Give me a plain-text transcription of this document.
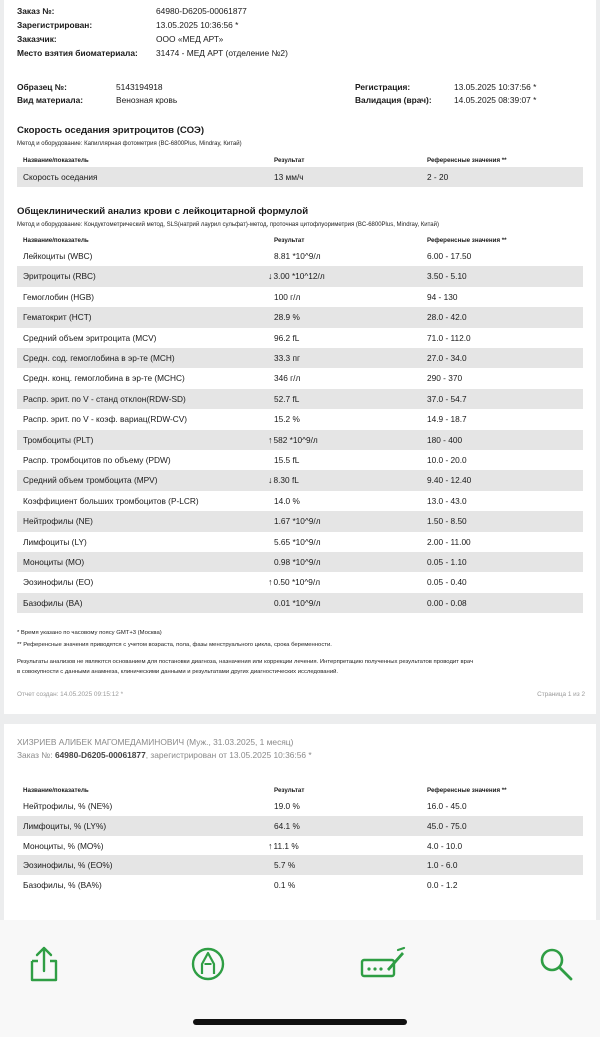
Заказ №:	64980-D6205-00061877
Зарегистрирован:	13.05.2025 10:36:56 *
Заказчик:	ООО «МЕД АРТ»
Место взятия биоматериала: 31474 - МЕД АРТ (отделение №2)
Образец №:	5143194918
Вид материала:	Венозная кровь
Регистрация:	13.05.2025 10:37:56 *
Валидация (врач):	14.05.2025 08:39:07 *
Скорость оседания эритроцитов (СОЭ)
Метод и оборудование: Капиллярная фотометрия (BC-6800Plus, Mindray, Китай)
Название/показатель	Результат	Референсные значения **
Скорость оседания	13 мм/ч	2 - 20
Общеклинический анализ крови с лейкоцитарной формулой
Метод и оборудование: Кондуктометрический метод, SLS(натрий лаурил сульфат)-метод, проточная цитофлуориметрия (BC-6800Plus, Mindray, Китай)
Название/показатель	Результат	Референсные значения **
Лейкоциты (WBC)	8.81 *10^9/л	6.00 - 17.50
Эритроциты (RBC)	↓3.00 *10^12/л	3.50 - 5.10
Гемоглобин (HGB)	100 г/л	94 - 130
Гематокрит (HCT)	28.9 %	28.0 - 42.0
Средний объем эритроцита (MCV)	96.2 fL	71.0 - 112.0
Средн. сод. гемоглобина в эр-те (MCH)	33.3 пг	27.0 - 34.0
Средн. конц. гемоглобина в эр-те (MCHC)	346 г/л	290 - 370
Распр. эрит. по V - станд отклон(RDW-SD)	52.7 fL	37.0 - 54.7
Распр. эрит. по V - коэф. вариац(RDW-CV)	15.2 %	14.9 - 18.7
Тромбоциты (PLT)	↑582 *10^9/л	180 - 400
Распр. тромбоцитов по объему (PDW)	15.5 fL	10.0 - 20.0
Средний объем тромбоцита (MPV)	↓8.30 fL	9.40 - 12.40
Коэффициент больших тромбоцитов (P-LCR)	14.0 %	13.0 - 43.0
Нейтрофилы (NE)	1.67 *10^9/л	1.50 - 8.50
Лимфоциты (LY)	5.65 *10^9/л	2.00 - 11.00
Моноциты (MO)	0.98 *10^9/л	0.05 - 1.10
Эозинофилы (EO)	↑0.50 *10^9/л	0.05 - 0.40
Базофилы (BA)	0.01 *10^9/л	0.00 - 0.08
* Время указано по часовому поясу GMT+3 (Москва)
** Референсные значения приводятся с учетом возраста, пола, фазы менструального цикла, срока беременности.
Результаты анализов не являются основанием для постановки диагноза, назначения или коррекции лечения. Интерпретацию полученных результатов проводит врач
в совокупности с данными анамнеза, клиническими данными и результатами других диагностических исследований.
Отчет создан: 14.05.2025 09:15:12 *	Страница 1 из 2
ХИЗРИЕВ АЛИБЕК МАГОМЕДАМИНОВИЧ (Муж., 31.03.2025, 1 месяц)
Заказ №: 64980-D6205-00061877, зарегистрирован от 13.05.2025 10:36:56 *
Название/показатель	Результат	Референсные значения **
Нейтрофилы, % (NE%)	19.0 %	16.0 - 45.0
Лимфоциты, % (LY%)	64.1 %	45.0 - 75.0
Моноциты, % (MO%)	↑11.1 %	4.0 - 10.0
Эозинофилы, % (EO%)	5.7 %	1.0 - 6.0
Базофилы, % (BA%)	0.1 %	0.0 - 1.2
